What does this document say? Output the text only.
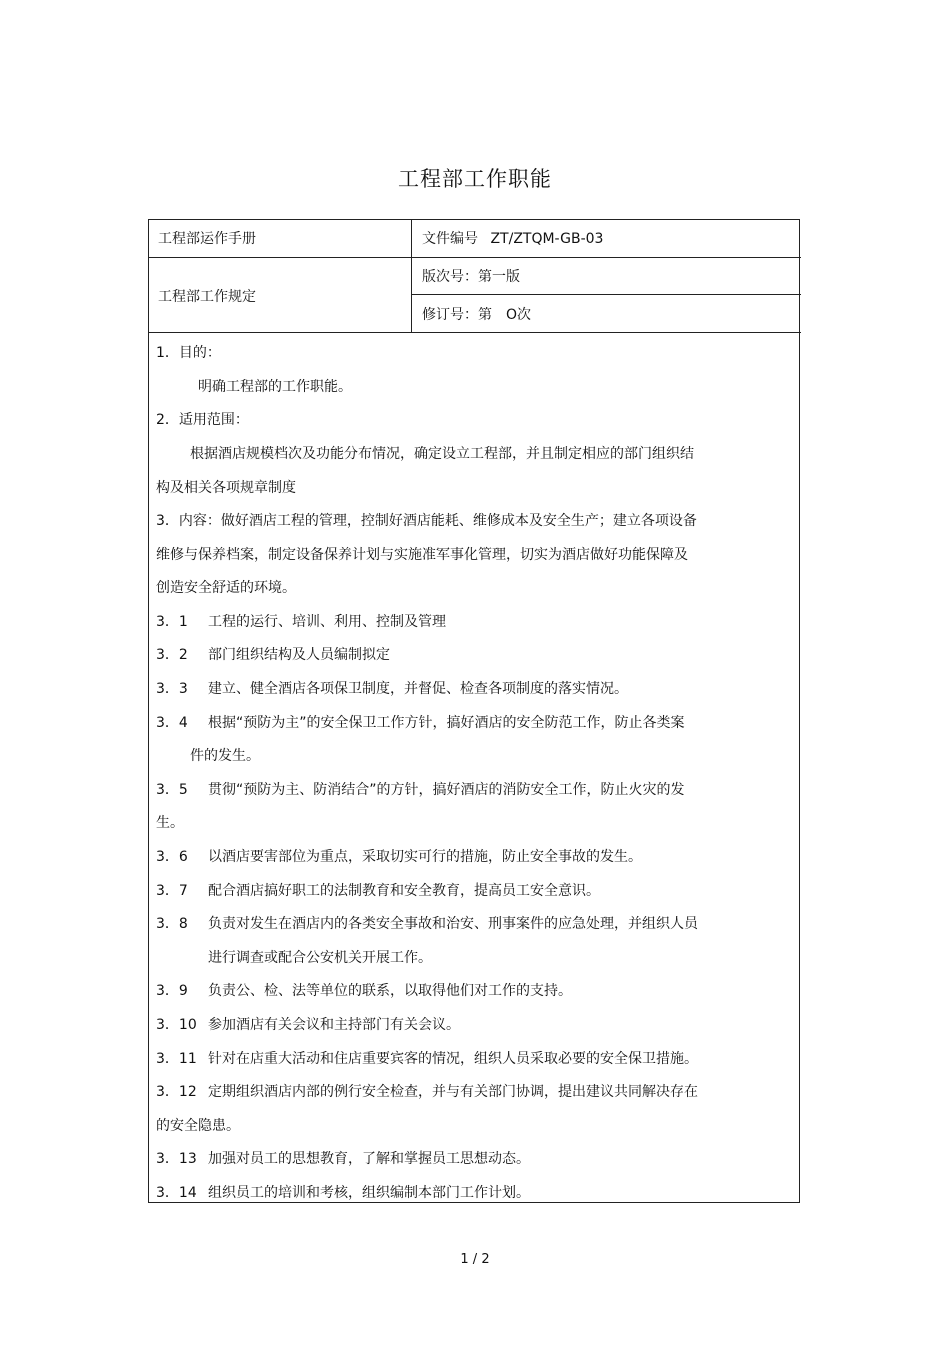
工程部工作职能
工程部运作手册	文件编号 ZT/ZTQM-GB-03
工程部工作规定
版次号：第一版
修订号：第　O次
1．目的：
明确工程部的工作职能。
2．适用范围：
根据酒店规模档次及功能分布情况，确定设立工程部，并且制定相应的部门组织结
构及相关各项规章制度
3．内容：做好酒店工程的管理，控制好酒店能耗、维修成本及安全生产；建立各项设备
维修与保养档案，制定设备保养计划与实施准军事化管理，切实为酒店做好功能保障及
创造安全舒适的环境。
3．1 工程的运行、培训、利用、控制及管理
3．2 部门组织结构及人员编制拟定
3．3 建立、健全酒店各项保卫制度，并督促、检查各项制度的落实情况。
3．4 根据“预防为主”的安全保卫工作方针，搞好酒店的安全防范工作，防止各类案
件的发生。
3．5 贯彻“预防为主、防消结合”的方针，搞好酒店的消防安全工作，防止火灾的发
生。
3．6 以酒店要害部位为重点，采取切实可行的措施，防止安全事故的发生。
3．7 配合酒店搞好职工的法制教育和安全教育，提高员工安全意识。
3．8 负责对发生在酒店内的各类安全事故和治安、刑事案件的应急处理，并组织人员
进行调查或配合公安机关开展工作。
3．9 负责公、检、法等单位的联系，以取得他们对工作的支持。
3．10 参加酒店有关会议和主持部门有关会议。
3．11 针对在店重大活动和住店重要宾客的情况，组织人员采取必要的安全保卫措施。
3．12 定期组织酒店内部的例行安全检查，并与有关部门协调，提出建议共同解决存在
的安全隐患。
3．13 加强对员工的思想教育，了解和掌握员工思想动态。
3．14 组织员工的培训和考核，组织编制本部门工作计划。
1 / 2
